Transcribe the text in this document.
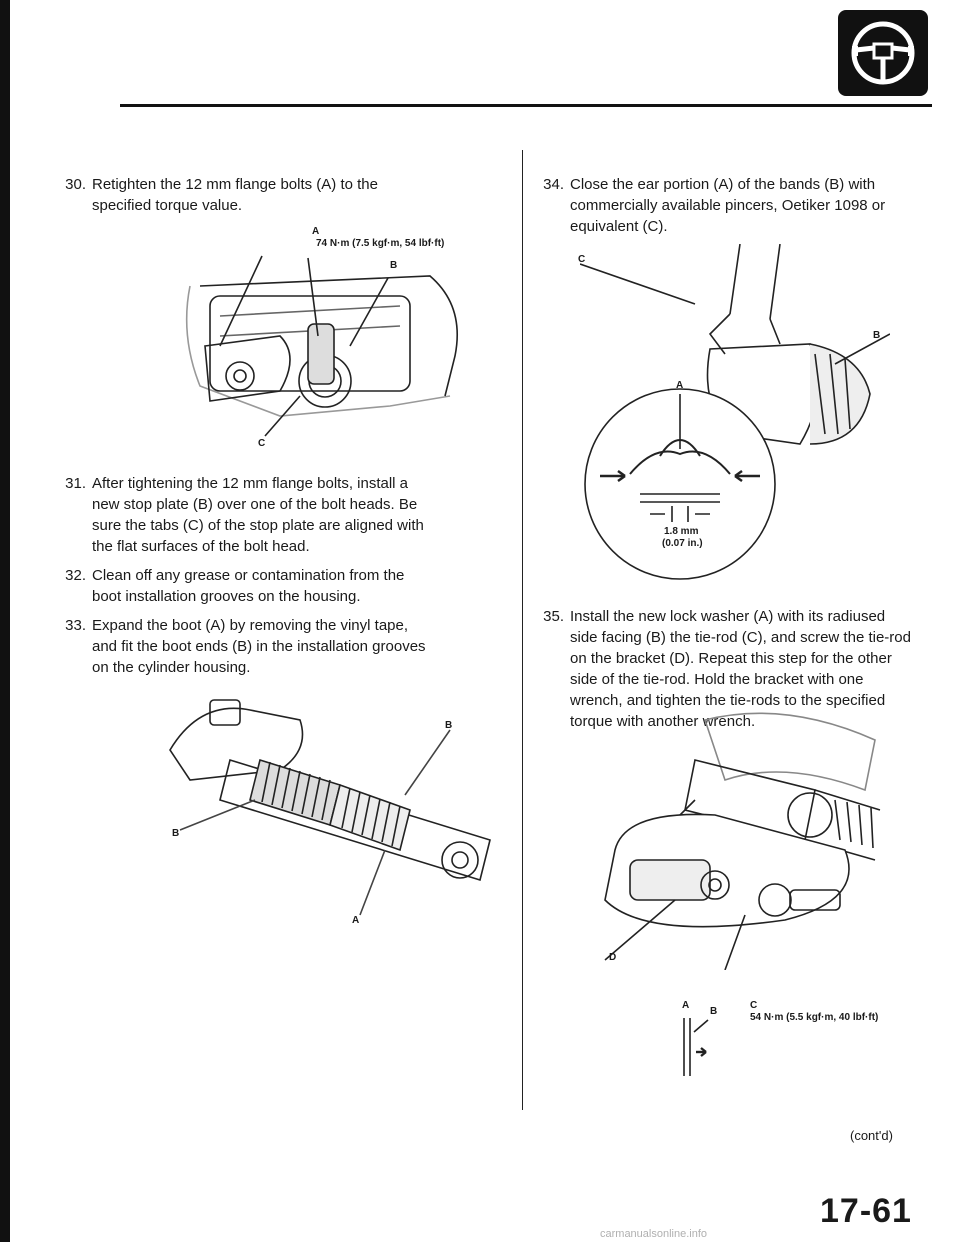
30. Retighten the 12 mm flange bolts (A) to the
specified torque value.
A
74 N·m (7.5 kgf·m, 54 lbf·ft)
B
C
31. After tightening the 12 mm flange bolts, install a
new stop plate (B) over one of the bolt heads. Be
sure the tabs (C) of the stop plate are aligned with
the flat surfaces of the bolt head.
32. Clean off any grease or contamination from the
boot installation grooves on the housing.
33. Expand the boot (A) by removing the vinyl tape,
and fit the boot ends (B) in the installation grooves
on the cylinder housing.
B
B
A
34. Close the ear portion (A) of the bands (B) with
commercially available pincers, Oetiker 1098 or
equivalent (C).
C
B
A
1.8 mm
(0.07 in.)
35. Install the new lock washer (A) with its radiused
side facing (B) the tie-rod (C), and screw the tie-rod
on the bracket (D). Repeat this step for the other
side of the tie-rod. Hold the bracket with one
wrench, and tighten the tie-rods to the specified
torque with another wrench.
D
A
B
C
54 N·m (5.5 kgf·m, 40 lbf·ft)
(cont'd)
17-61
carmanualsonline.info
